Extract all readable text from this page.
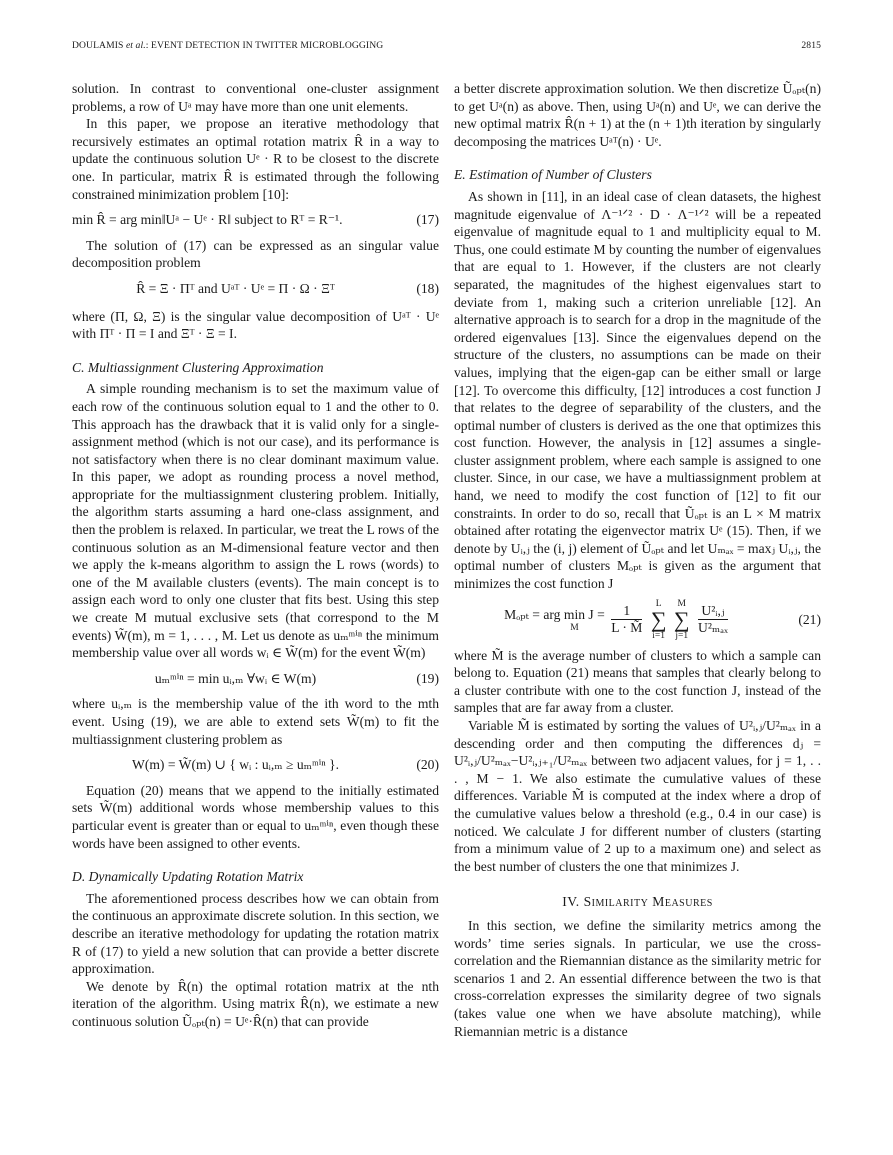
DOULAMIS et al.: EVENT DETECTION IN TWITTER MICROBLOGGING	2815

solution. In contrast to conventional one-cluster assignment problems, a row of Uᵃ may have more than one unit elements.

In this paper, we propose an iterative methodology that recursively estimates an optimal rotation matrix R̂ in a way to update the continuous solution Uᵉ · R to be closest to the discrete one. In particular, matrix R̂ is estimated through the following constrained minimization problem [10]:

min R̂ = arg min‖Uᵃ − Uᵉ · R‖ subject to Rᵀ = R⁻¹.	(17)

The solution of (17) can be expressed as an singular value decomposition problem

R̂ = Ξ · Πᵀ and Uᵃᵀ · Uᵉ = Π · Ω · Ξᵀ	(18)

where (Π, Ω, Ξ) is the singular value decomposition of Uᵃᵀ · Uᵉ with Πᵀ · Π = I and Ξᵀ · Ξ = I.

C. Multiassignment Clustering Approximation

A simple rounding mechanism is to set the maximum value of each row of the continuous solution equal to 1 and the other to 0. This approach has the drawback that it is valid only for a single-assignment method (which is not our case), and its performance is not satisfactory when there is no clear dominant maximum value. In this paper, we adopt as rounding process a novel method, appropriate for the multiassignment clustering problem. Initially, the algorithm starts assuming a hard one-class assignment, and then the problem is relaxed. In particular, we treat the L rows of the continuous solution as an M-dimensional feature vector and then we apply the k-means algorithm to assign the L rows (words) to one of the M available clusters (events). The main concept is to assign each word to only one cluster that fits best. Using this step we create M mutual exclusive sets (that correspond to the M events) W̃(m), m = 1, . . . , M. Let us denote as uₘᵐⁱⁿ the minimum membership value over all words wᵢ ∈ W̃(m) for the event W̃(m)

uₘᵐⁱⁿ = min uᵢ,ₘ ∀wᵢ ∈ W(m)	(19)

where uᵢ,ₘ is the membership value of the ith word to the mth event. Using (19), we are able to extend sets W̃(m) to fit the multiassignment clustering problem as

W(m) = W̃(m) ∪ { wᵢ : uᵢ,ₘ ≥ uₘᵐⁱⁿ }.	(20)

Equation (20) means that we append to the initially estimated sets W̃(m) additional words whose membership values to this particular event is greater than or equal to uₘᵐⁱⁿ, even though these words have been assigned to other events.

D. Dynamically Updating Rotation Matrix

The aforementioned process describes how we can obtain from the continuous an approximate discrete solution. In this section, we describe an iterative methodology for updating the rotation matrix R of (17) to yield a new solution that can provide a better discrete approximation.

We denote by R̂(n) the optimal rotation matrix at the nth iteration of the algorithm. Using matrix R̂(n), we estimate a new continuous solution Ũₒₚₜ(n) = Uᵉ·R̂(n) that can provide

a better discrete approximation solution. We then discretize Ũₒₚₜ(n) to get Uᵃ(n) as above. Then, using Uᵃ(n) and Uᵉ, we can derive the new optimal matrix R̂(n + 1) at the (n + 1)th iteration by singularly decomposing the matrices Uᵃᵀ(n) · Uᵉ.

E. Estimation of Number of Clusters

As shown in [11], in an ideal case of clean datasets, the highest magnitude eigenvalue of Λ⁻¹ᐟ² · D · Λ⁻¹ᐟ² will be a repeated eigenvalue of magnitude equal to 1 and multiplicity equal to M. Thus, one could estimate M by counting the number of eigenvalues that are equal to 1. However, if the clusters are not clearly separated, the magnitudes of the highest eigenvalues start to deviate from 1, making such a criterion unreliable [12]. An alternative approach is to search for a drop in the magnitude of the ordered eigenvalues [13]. Since the eigenvalues depend on the structure of the clusters, no assumptions can be made on their values, implying that the eigen-gap can be either small or large [12]. To overcome this difficulty, [12] introduces a cost function J that relates to the degree of separability of the clusters, and the optimal number of clusters is derived as the one that optimizes this cost function. However, the analysis in [12] assumes a single-cluster assignment problem, where each sample is assigned to one cluster. Since, in our case, we have a multiassignment problem at hand, we need to modify the cost function of [12] to fit our constraints. In order to do so, recall that Ũₒₚₜ is an L × M matrix obtained after rotating the eigenvector matrix Uᵉ (15). Then, if we denote by Uᵢ,ⱼ the (i, j) element of Ũₒₚₜ and let Uₘₐₓ = maxⱼ Uᵢ,ⱼ, the optimal number of clusters Mₒₚₜ is given as the argument that minimizes the cost function J

Mₒₚₜ = arg min J =
M
	$\frac{1}{L \cdot M̃}$
	L
∑
i=1

M
∑
j=1
$\frac{\text{U²ᵢ,ⱼ}}{\text{U²ₘₐₓ}}$	(21)

where M̃ is the average number of clusters to which a sample can belong to. Equation (21) means that samples that clearly belong to a cluster contribute with one to the cost function J, instead of the samples that are far away from a cluster.

Variable M̃ is estimated by sorting the values of U²ᵢ,ⱼ/U²ₘₐₓ in a descending order and then computing the differences dⱼ = U²ᵢ,ⱼ/U²ₘₐₓ−U²ᵢ,ⱼ₊₁/U²ₘₐₓ between two adjacent values, for j = 1, . . . , M − 1. We also estimate the cumulative values of these differences. Variable M̃ is computed at the index where a drop of the cumulative values below a threshold (e.g., 0.4 in our case) is noticed. We calculate J for different number of clusters (starting from a minimum value of 2 up to a maximum one) and select as the best number of clusters the one that minimizes J.

IV. Similarity Measures

In this section, we define the similarity metrics among the words’ time series signals. In particular, we use the cross-correlation and the Riemannian distance as the similarity metric for scenarios 1 and 2. An essential difference between the two is that cross-correlation expresses the similarity degree of two signals (takes value one when we have absolute matching), while Riemannian metric is a distance
